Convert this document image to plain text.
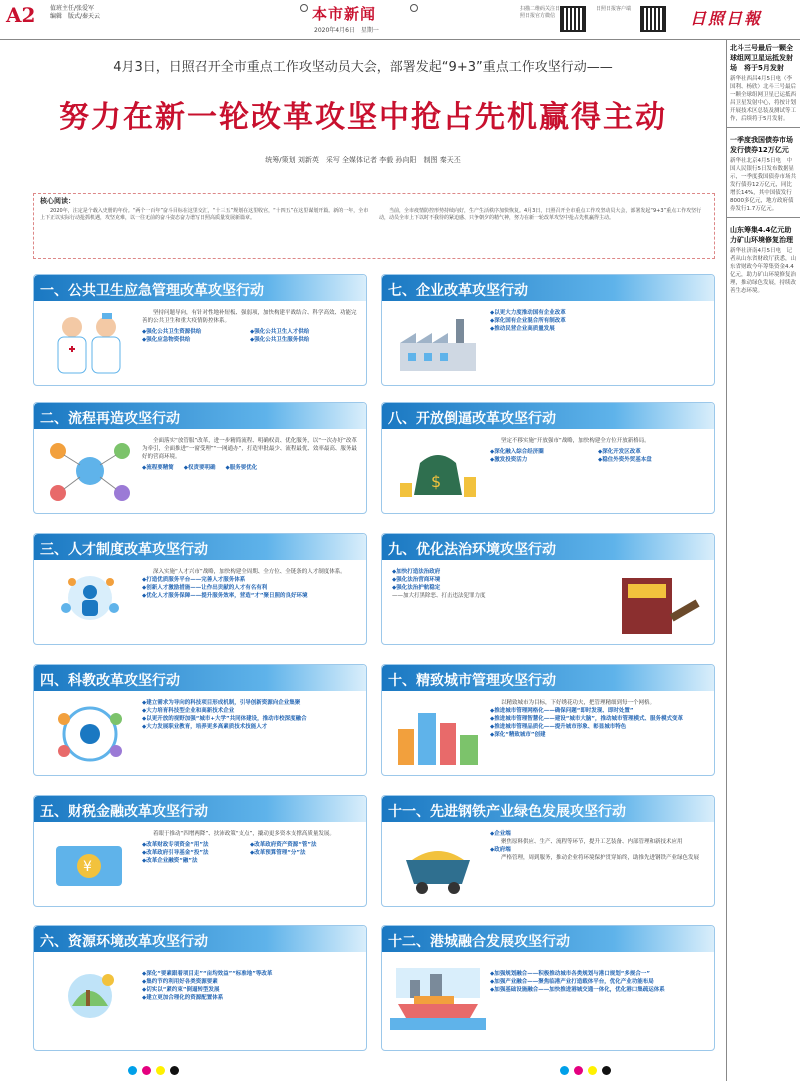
A2 值班主任/张爱军
编辑　版式/秦天云	本市新闻
2020年4月6日　星期一
扫描二维码关注日照日报官方微信
日照日报客户端	日照日報
4月3日，日照召开全市重点工作攻坚动员大会，部署发起“9+3”重点工作攻坚行动——
努力在新一轮改革攻坚中抢占先机赢得主动
统筹/策划 刘新英　采写 全媒体记者 李毅 孙向阳　制图 秦天丕
核心阅读：
2020年，注定是个载入史册的年份。“两个一百年”奋斗目标在这里交汇，“十三五”规划在这里收官，“十四五”在这里谋划开篇。新的一年，全市上下正以实际行动抢抓机遇，攻坚克难，以一往无前的奋斗姿态奋力谱写日照高质量发展新篇章。
当前，全市疫情防控形势持续向好，生产生活秩序加快恢复。4月3日，日照召开全市重点工作攻坚动员大会，部署发起“9+3”重点工作攻坚行动，动员全市上下以时不我待的紧迫感、只争朝夕的精气神，努力在新一轮改革攻坚中抢占先机赢得主动。
一、公共卫生应急管理改革攻坚行动

坚持问题导向，有针对性地补短板、强弱项，加快构建平战结合、科学高效、功能完善的公共卫生和重大疫情防控体系。

◆强化公共卫生资源供给	◆强化公共卫生人才供给
◆强化应急物资供给	◆强化公共卫生服务供给
二、流程再造攻坚行动

全面落实“放管服”改革，进一步精简流程、明确权责、优化服务，以“一次办好”改革为牵引，全面推进“一窗受理”“一网通办”，打造审批最少、流程最优、效率最高、服务最好的营商环境。

◆流程要精简 ◆权责要明确 ◆服务要优化
三、人才制度改革攻坚行动

深入实施“人才兴市”战略，加快构建全周期、全方位、全链条的人才制度体系。

◆打造优质服务平台——完善人才服务体系
◆创新人才激励措施——让作出贡献的人才有名有利
◆优化人才服务保障——提升服务效率，营造“才”聚日照的良好环境
四、科教改革攻坚行动
◆建立需求为导向的科技项目形成机制，引导创新资源向企业集聚
◆大力培育科技型企业和高新技术企业
◆以更开放的视野加强“城市+大学”共同体建设，推动市校深度融合
◆大力发展职业教育，培养更多高素质技术技能人才
五、财税金融改革攻坚行动
¥

着眼于推动“四增两降”、扶沛政策“支点”，撬动更多资本支撑高质量发展。

◆改革财政专项资金“用”法	◆改革政府资产资源“管”法
◆改革政府引导基金“投”法	◆改革预算管理“分”法
◆改革企业融资“融”法
六、资源环境改革攻坚行动
◆深化“要素跟着项目走”“亩均效益”“标准地”等改革
◆集约节约利用好各类资源要素
◆切实以“紧约束”倒逼转型发展
◆建立更加合理化的资源配置体系
七、企业改革攻坚行动
◆以更大力度推动国有企业改革
◆深化国有企业混合所有制改革
◆推动民营企业高质量发展
八、开放倒逼改革攻坚行动
$

坚定不移实施“开放强市”战略，加快构建全方位开放新格局。

◆深化融入综合经济圈	◆深化开发区改革
◆激发投资活力	◆稳住外资外贸基本盘
九、优化法治环境攻坚行动
◆加快打造法治政府
◆强化法治营商环境
◆强化法治护航稳定
——加大打黑除恶、打击违法犯罪力度
十、精致城市管理攻坚行动

以精致城市为目标，下好绣花功夫，把管理精细到每一个网格。

◆推进城市管理网格化——确保问题“即时发现、即时处置”
◆推进城市管理智慧化——建设“城市大脑”，推动城市管理模式、服务模式变革
◆推进城市管理品质化——提升城市形象、彰显城市特色
◆深化“精致城市”创建
十一、先进钢铁产业绿色发展攻坚行动
◆企业端

聚焦原料供应、生产、流程等环节，提升工艺装备、内部管理和新技术应用

◆政府端

严格管理，周到服务，推动企业将环境保护贯穿始终，助推先进钢铁产业绿色发展

十二、港城融合发展攻坚行动
◆加强规划融合——积极推动城市各类规划与港口规划“多规合一”
◆加强产业融合——聚焦临港产业打造载体平台，优化产业功能布局
◆加强基础设施融合——加快推进港城交通一体化，优化港口集疏运体系
北斗三号最后一颗全球组网卫星运抵发射场　将于5月发射
新华社西昌4月5日电（李国利、杨欣）北斗三号最后一颗全球组网卫星已运抵西昌卫星发射中心，将按计划开展技术区总装及测试等工作，后续将于5月发射。
一季度我国债券市场发行债券12万亿元
新华社北京4月5日电　中国人民银行5日发布数据显示，一季度我国债券市场共发行债券12万亿元，同比增长14%，其中国债发行8000多亿元，地方政府债券发行1.7万亿元。
山东筹集4.4亿元助力矿山环境修复治理
新华社济南4月5日电　记者从山东省财政厅获悉，山东省财政今年筹集资金4.4亿元，助力矿山环境修复治理，推动绿色发展，持续改善生态环境。
